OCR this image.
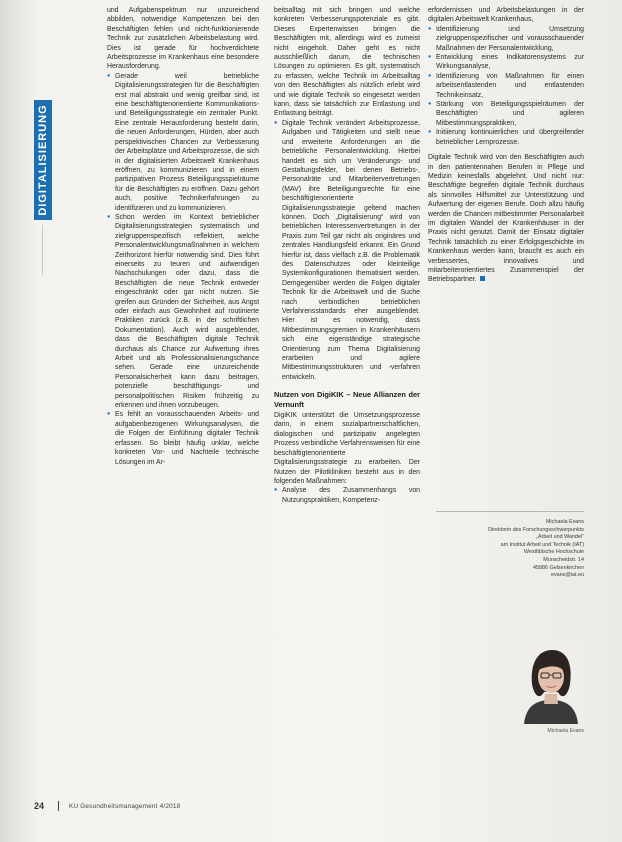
DIGITALISIERUNG

und Aufgabenspektrum nur unzureichend abbilden, notwendige Kompetenzen bei den Beschäftigten fehlen und nicht-funktionierende Technik zur zusätzlichen Arbeitsbelastung wird. Dies ist gerade für hochverdichtete Arbeitsprozesse im Krankenhaus eine besondere Herausforderung.

● Gerade weil betriebliche Digitalisierungsstrategien für die Beschäftigten erst mal abstrakt und wenig greifbar sind, ist eine beschäftigtenorientierte Kommunikations- und Beteiligungsstrategie ein zentraler Punkt. Eine zentrale Herausforderung besteht darin, die neuen Anforderungen, Hürden, aber auch perspektivischen Chancen zur Verbesserung der Arbeitsplätze und Arbeitsprozesse, die sich in der digitalisierten Arbeitswelt Krankenhaus eröffnen, zu kommunizieren und in einem partizipativen Prozess Beteiligungsspielräume für die Beschäftigten zu eröffnen. Dazu gehört auch, positive Technikerfahrungen zu identifizieren und zu kommunizieren.
● Schon werden im Kontext betrieblicher Digitalisierungsstrategien systematisch und zielgruppenspezifisch reflektiert, welche Personalentwicklungsmaßnahmen in welchem Zeithorizont hierfür notwendig sind. Dies führt einerseits zu teuren und aufwendigen Nachschulungen oder dazu, dass die Beschäftigten die neue Technik entweder eingeschränkt oder gar nicht nutzen. Sie greifen aus Gründen der Sicherheit, aus Angst oder einfach aus Gewohnheit auf routinierte Praktiken zurück (z.B. in der schriftlichen Dokumentation). Auch wird ausgeblendet, dass die Beschäftigten digitale Technik durchaus als Chance zur Aufwertung ihres Arbeit und als Professionalisierungschance sehen. Gerade eine unzureichende Personalsicherheit kann dazu beitragen, potenzielle beschäftigungs- und personalpolitischen Risiken frühzeitig zu erkennen und ihnen vorzubeugen.
● Es fehlt an vorausschauenden Arbeits- und aufgabenbezogenen Wirkungsanalysen, die die Folgen der Einführung digitaler Technik erfassen. So bleibt häufig unklar, welche konkreten Vor- und Nachteile technische Lösungen im Ar-

beitsalltag mit sich bringen und welche konkreten Verbesserungspotenziale es gibt. Dieses Expertenwissen bringen die Beschäftigten mit, allerdings wird es zumeist nicht eingeholt. Daher geht es nicht ausschließlich darum, die technischen Lösungen zu optimieren. Es gilt, systematisch zu erfassen, welche Technik im Arbeitsalltag von den Beschäftigten als nützlich erlebt wird und wie digitale Technik so eingesetzt werden kann, dass sie tatsächlich zur Entlastung und Entlastung beiträgt.

● Digitale Technik verändert Arbeitsprozesse, Aufgaben und Tätigkeiten und stellt neue und erweiterte Anforderungen an die betriebliche Personalentwicklung. Hierbei handelt es sich um Veränderungs- und Gestaltungsfelder, bei denen Betriebs-, Personalräte und Mitarbeitervertretungen (MAV) ihre Beteiligungsrechte für eine beschäftigtenorientierte Digitalisierungsstrategie geltend machen können. Doch „Digitalisierung“ wird von betrieblichen Interessenvertretungen in der Praxis zum Teil gar nicht als originäres und zentrales Handlungsfeld erkannt. Ein Grund hierfür ist, dass vielfach z.B. die Problematik des Datenschutzes oder kleinteilige Systemkonfigurationen thematisiert werden. Demgegenüber werden die Folgen digitaler Technik für die Arbeitswelt und die Suche nach verbindlichen betrieblichen Verfahrensstandards eher ausgeblendet. Hier ist es notwendig, dass Mitbestimmungsgremien in Krankenhäusern sich eine eigenständige strategische Orientierung zum Thema Digitalisierung erarbeiten und agilere Mitbestimmungsstrukturen und -verfahren entwickeln.
Nutzen von DigiKIK – Neue Allianzen der Vernunft

DigiKIK unterstützt die Umsetzungsprozesse darin, in einem sozialpartnerschaftlichen, dialogischen und partizipativ angelegten Prozess verbindliche Verfahrensweisen für eine beschäftigtenorientierte Digitalisierungsstrategie zu erarbeiten. Der Nutzen der Pilotkliniken besteht aus in den folgenden Maßnahmen:

● Analyse des Zusammenhangs von Nutzungspraktiken, Kompetenz-

erfordernissen und Arbeitsbelastungen in der digitalen Arbeitswelt Krankenhaus,

● Identifizierung und Umsetzung zielgruppenspezifischer und vorausschauender Maßnahmen der Personalentwicklung,
● Entwicklung eines Indikatorensystems zur Wirkungsanalyse,
● Identifizierung von Maßnahmen für einen arbeitsentlastenden und entlastenden Technikeinsatz,
● Stärkung von Beteiligungsspielräumen der Beschäftigten und agileren Mitbestimmungspraktiken,
● Initiierung kontinuierlichen und übergreifender betrieblicher Lernprozesse.

Digitale Technik wird von den Beschäftigten auch in den patientennahen Berufen in Pflege und Medizin keinesfalls abgelehnt. Und nicht nur: Beschäftigte begreifen digitale Technik durchaus als sinnvolles Hilfsmittel zur Unterstützung und Aufwertung der eigenen Berufe. Doch allzu häufig werden die Chancen mitbestimmter Personalarbeit im digitalen Wandel der Krankenhäuser in der Praxis nicht genutzt. Damit der Einsatz digitaler Technik tatsächlich zu einer Erfolgsgeschichte im Krankenhaus werden kann, braucht es auch ein verbessertes, innovatives und mitarbeiterorientiertes Zusammenspiel der Betriebspartner.

Michaela Evans
Direktorin des Forschungsschwerpunkts
„Arbeit und Wandel“
am Institut Arbeit und Technik (IAT)
Westfälische Hochschule
Munscheidstr. 14
45886 Gelsenkirchen
evans@iat.eu
Michaela Evans
24	KU Gesundheitsmanagement 4/2018
